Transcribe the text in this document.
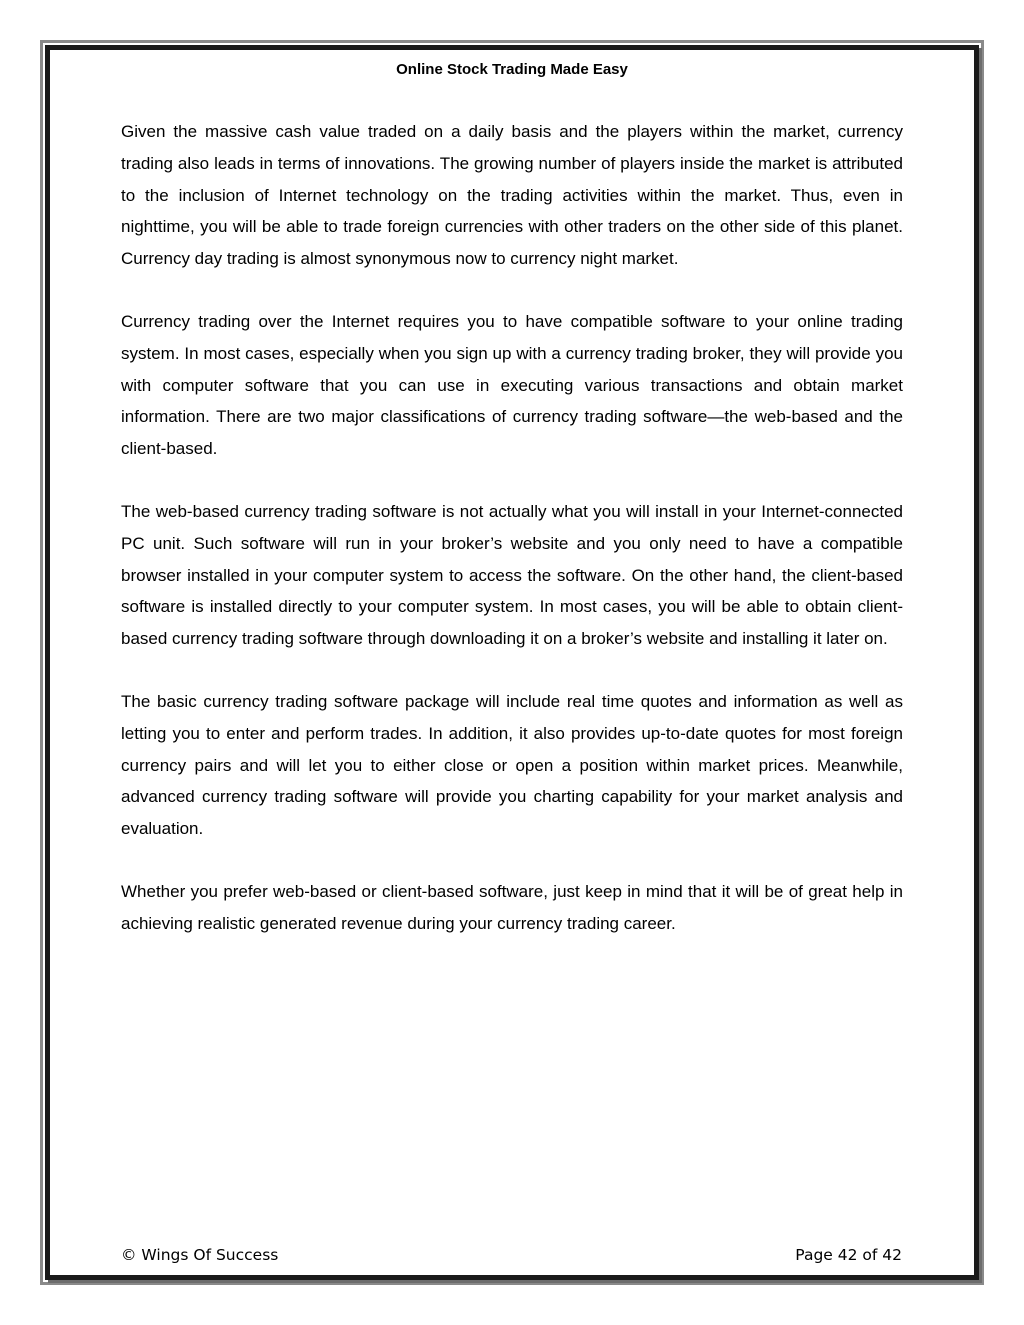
Online Stock Trading Made Easy

Given the massive cash value traded on a daily basis and the players within the market, currency trading also leads in terms of innovations. The growing number of players inside the market is attributed to the inclusion of Internet technology on the trading activities within the market. Thus, even in nighttime, you will be able to trade foreign currencies with other traders on the other side of this planet. Currency day trading is almost synonymous now to currency night market.

Currency trading over the Internet requires you to have compatible software to your online trading system. In most cases, especially when you sign up with a currency trading broker, they will provide you with computer software that you can use in executing various transactions and obtain market information. There are two major classifications of currency trading software—the web-based and the client-based.

The web-based currency trading software is not actually what you will install in your Internet-connected PC unit. Such software will run in your broker’s website and you only need to have a compatible browser installed in your computer system to access the software. On the other hand, the client-based software is installed directly to your computer system. In most cases, you will be able to obtain client-based currency trading software through downloading it on a broker’s website and installing it later on.

The basic currency trading software package will include real time quotes and information as well as letting you to enter and perform trades. In addition, it also provides up-to-date quotes for most foreign currency pairs and will let you to either close or open a position within market prices. Meanwhile, advanced currency trading software will provide you charting capability for your market analysis and evaluation.

Whether you prefer web-based or client-based software, just keep in mind that it will be of great help in achieving realistic generated revenue during your currency trading career.

© Wings Of Success	Page 42 of 42
